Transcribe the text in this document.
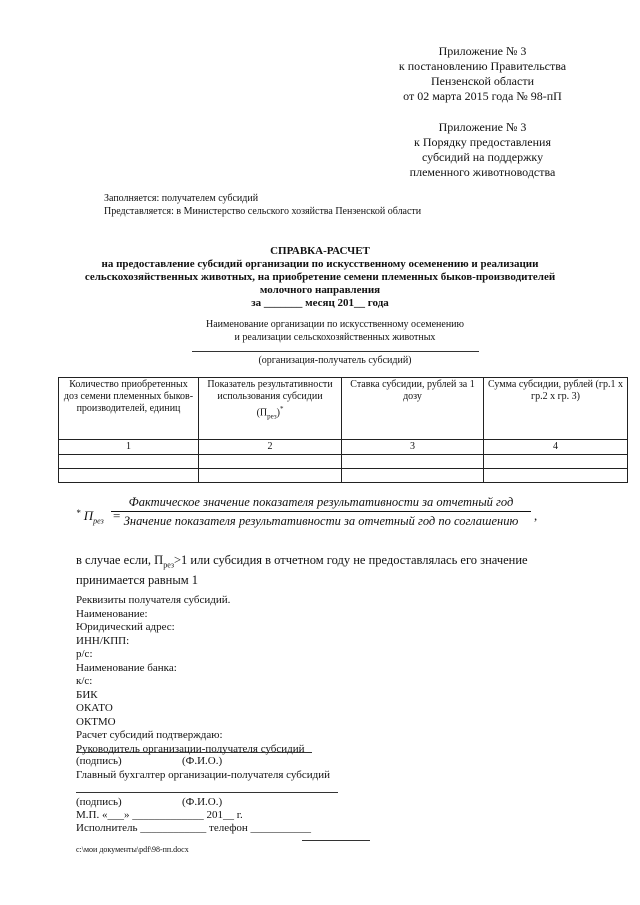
Приложение № 3
к постановлению Правительства
Пензенской области
от 02 марта 2015 года № 98-пП
Приложение № 3
к Порядку предоставления
субсидий на поддержку
племенного животноводства
Заполняется: получателем субсидий
Представляется: в Министерство сельского хозяйства Пензенской области
СПРАВКА-РАСЧЕТ
на предоставление субсидий организации по искусственному осеменению и реализации
сельскохозяйственных животных, на приобретение семени племенных быков-производителей
молочного направления
за _______ месяц 201__ года
Наименование организации по искусственному осеменению
и реализации сельскохозяйственных животных
(организация-получатель субсидий)
Количество приобретенных доз семени племенных быков-производителей, единиц	Показатель результативности использования субсидии
$(П_{рез})^*$	Ставка субсидии, рублей за 1 дозу	Сумма субсидии, рублей (гр.1 x гр.2 x гр. 3)
1	2	3	4

* $П_{рез}$ =
Фактическое значение показателя результативности за отчетный год
Значение показателя результативности за отчетный год по соглашению	,
в случае если, $П_{рез}>1$ или субсидия в отчетном году не предоставлялась его значение
принимается равным 1
Реквизиты получателя субсидий.
Наименование:
Юридический адрес:
ИНН/КПП:
р/с:
Наименование банка:
к/с:
БИК
ОКАТО
ОКТМО
Расчет субсидий подтверждаю:
Руководитель организации-получателя субсидий
(подпись)	(Ф.И.О.)
Главный бухгалтер организации-получателя субсидий
(подпись)	(Ф.И.О.)
М.П. «___» _____________ 201__ г.
Исполнитель ____________ телефон ___________
c:\мои документы\pdf\98-пп.docx
